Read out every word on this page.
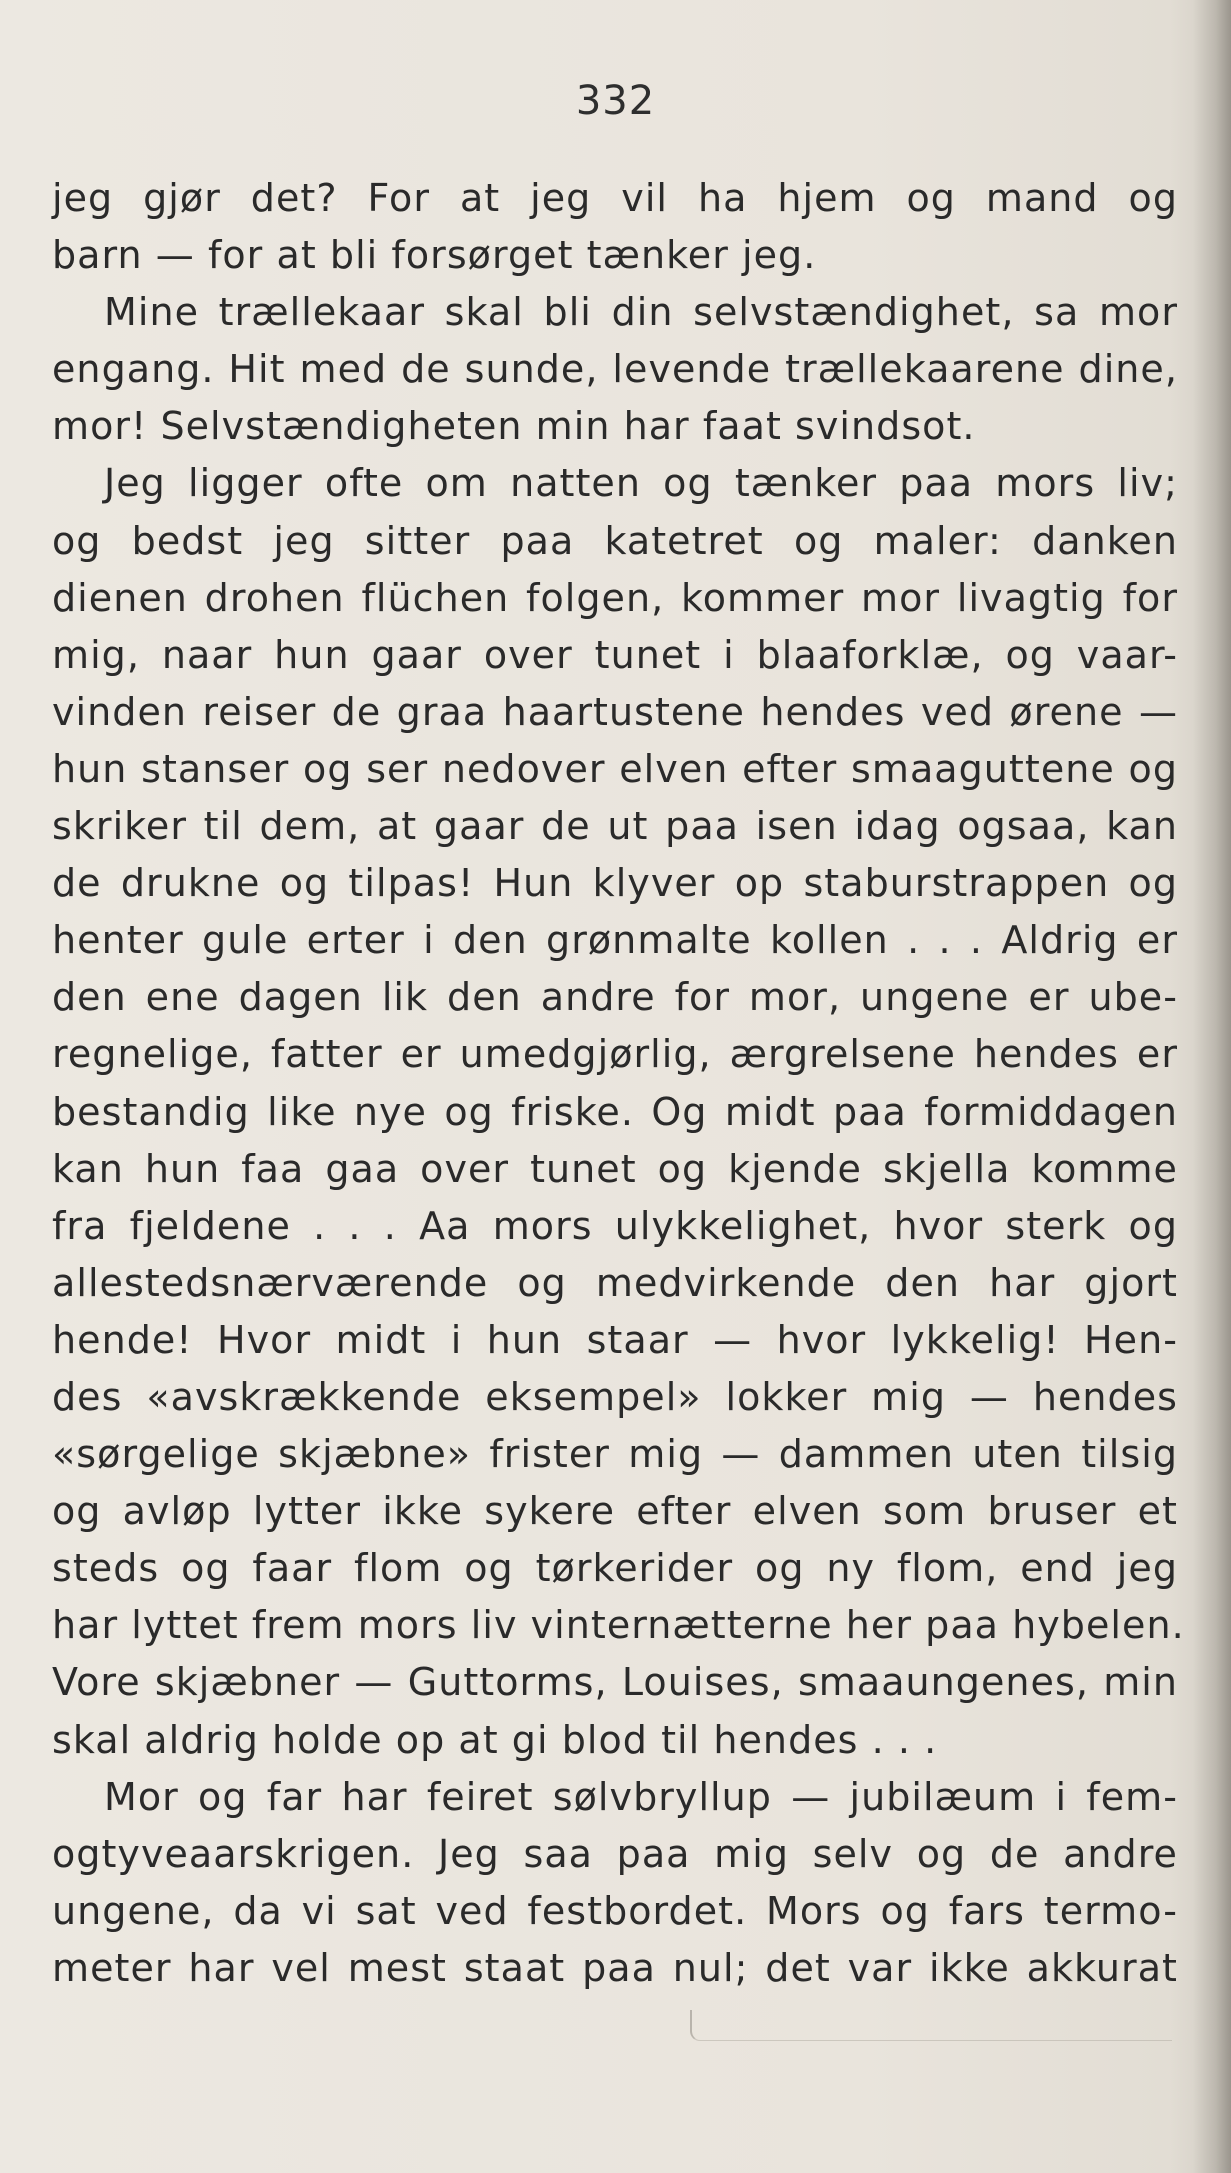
332
jeg gjør det? For at jeg vil ha hjem og mand og
barn — for at bli forsørget tænker jeg.
Mine trællekaar skal bli din selvstændighet, sa mor
engang. Hit med de sunde, levende trællekaarene dine,
mor! Selvstændigheten min har faat svindsot.
Jeg ligger ofte om natten og tænker paa mors liv;
og bedst jeg sitter paa katetret og maler: danken
dienen drohen flüchen folgen, kommer mor livagtig for
mig, naar hun gaar over tunet i blaaforklæ, og vaar-
vinden reiser de graa haartustene hendes ved ørene —
hun stanser og ser nedover elven efter smaaguttene og
skriker til dem, at gaar de ut paa isen idag ogsaa, kan
de drukne og tilpas! Hun klyver op staburstrappen og
henter gule erter i den grønmalte kollen . . . Aldrig er
den ene dagen lik den andre for mor, ungene er ube-
regnelige, fatter er umedgjørlig, ærgrelsene hendes er
bestandig like nye og friske. Og midt paa formiddagen
kan hun faa gaa over tunet og kjende skjella komme
fra fjeldene . . . Aa mors ulykkelighet, hvor sterk og
allestedsnærværende og medvirkende den har gjort
hende! Hvor midt i hun staar — hvor lykkelig! Hen-
des «avskrækkende eksempel» lokker mig — hendes
«sørgelige skjæbne» frister mig — dammen uten tilsig
og avløp lytter ikke sykere efter elven som bruser et
steds og faar flom og tørkerider og ny flom, end jeg
har lyttet frem mors liv vinternætterne her paa hybelen.
Vore skjæbner — Guttorms, Louises, smaaungenes, min
skal aldrig holde op at gi blod til hendes . . .
Mor og far har feiret sølvbryllup — jubilæum i fem-
ogtyveaarskrigen. Jeg saa paa mig selv og de andre
ungene, da vi sat ved festbordet. Mors og fars termo-
meter har vel mest staat paa nul; det var ikke akkurat
